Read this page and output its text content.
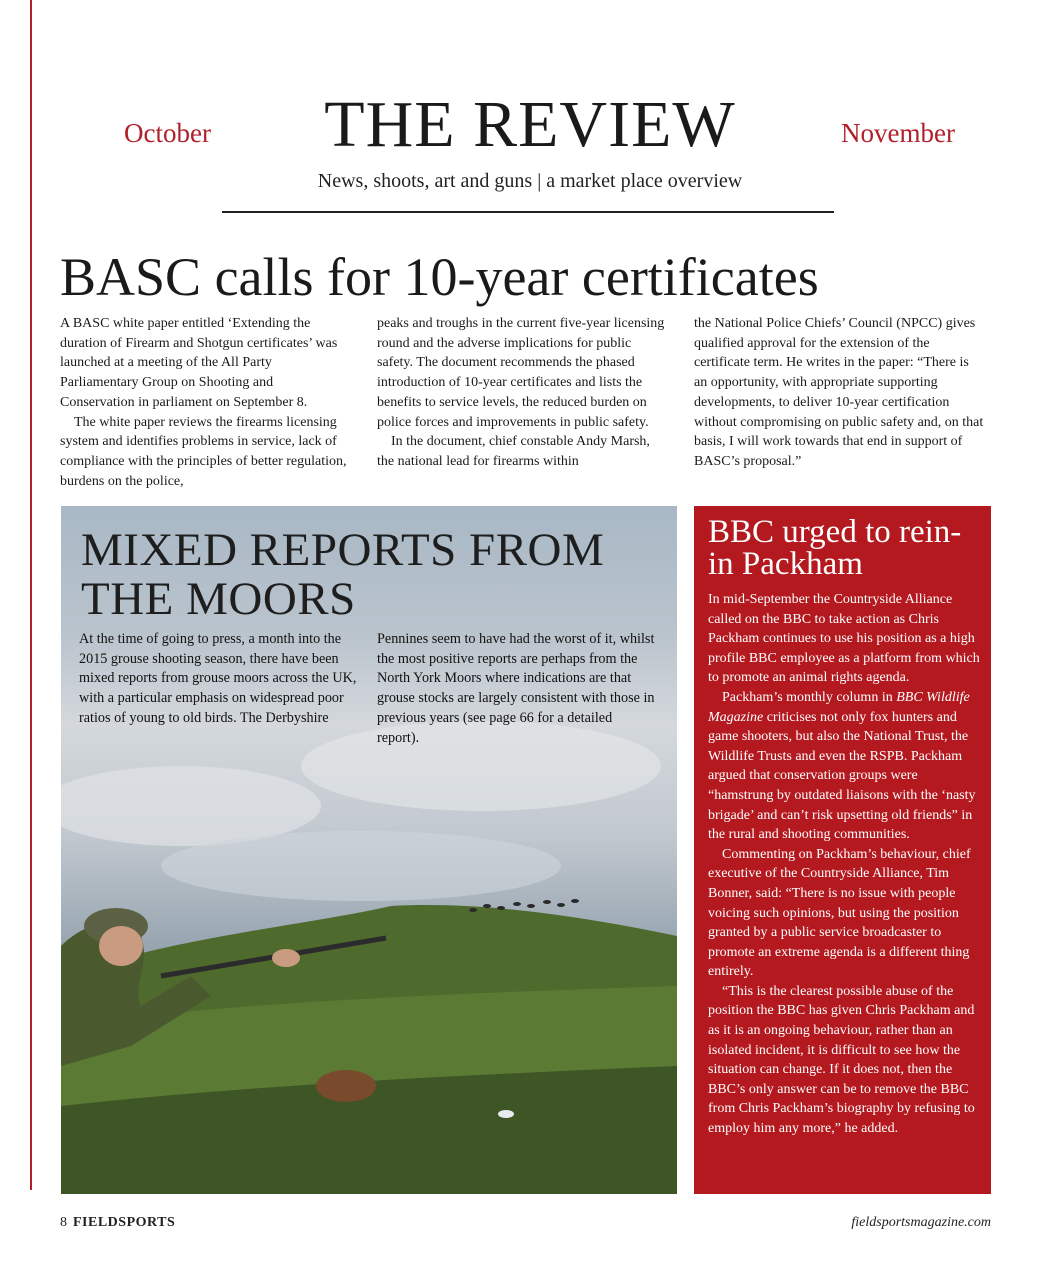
October	THE REVIEW	November
News, shoots, art and guns | a market place overview
BASC calls for 10-year certificates

A BASC white paper entitled ‘Extending the duration of Firearm and Shotgun certificates’ was launched at a meeting of the All Party Parliamentary Group on Shooting and Conservation in parliament on September 8.

The white paper reviews the firearms licensing system and identifies problems in service, lack of compliance with the principles of better regulation, burdens on the police,

peaks and troughs in the current five-year licensing round and the adverse implications for public safety. The document recommends the phased introduction of 10-year certificates and lists the benefits to service levels, the reduced burden on police forces and improvements in public safety.

In the document, chief constable Andy Marsh, the national lead for firearms within

the National Police Chiefs’ Council (NPCC) gives qualified approval for the extension of the certificate term. He writes in the paper: “There is an opportunity, with appropriate supporting developments, to deliver 10-year certification without compromising on public safety and, on that basis, I will work towards that end in support of BASC’s proposal.”

MIXED REPORTS FROM THE MOORS

At the time of going to press, a month into the 2015 grouse shooting season, there have been mixed reports from grouse moors across the UK, with a particular emphasis on widespread poor ratios of young to old birds. The Derbyshire

Pennines seem to have had the worst of it, whilst the most positive reports are perhaps from the North York Moors where indications are that grouse stocks are largely consistent with those in previous years (see page 66 for a detailed report).

BBC urged to rein-in Packham

In mid-September the Countryside Alliance called on the BBC to take action as Chris Packham continues to use his position as a high profile BBC employee as a platform from which to promote an animal rights agenda.

Packham’s monthly column in BBC Wildlife Magazine criticises not only fox hunters and game shooters, but also the National Trust, the Wildlife Trusts and even the RSPB. Packham argued that conservation groups were “hamstrung by outdated liaisons with the ‘nasty brigade’ and can’t risk upsetting old friends” in the rural and shooting communities.

Commenting on Packham’s behaviour, chief executive of the Countryside Alliance, Tim Bonner, said: “There is no issue with people voicing such opinions, but using the position granted by a public service broadcaster to promote an extreme agenda is a different thing entirely.

“This is the clearest possible abuse of the position the BBC has given Chris Packham and as it is an ongoing behaviour, rather than an isolated incident, it is difficult to see how the situation can change. If it does not, then the BBC’s only answer can be to remove the BBC from Chris Packham’s biography by refusing to employ him any more,” he added.

8 FIELDSPORTS	fieldsportsmagazine.com
